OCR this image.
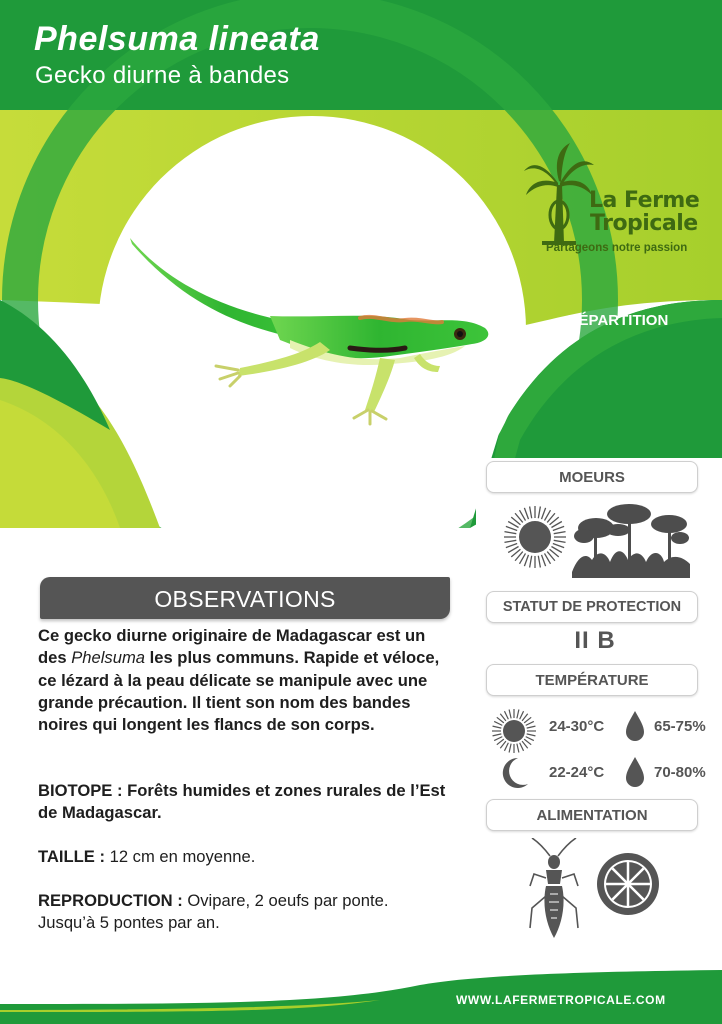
Phelsuma lineata
Gecko diurne à bandes
La Ferme
Tropicale
Partageons notre passion
RÉPARTITION
MOEURS
STATUT DE PROTECTION
II B
TEMPÉRATURE
24-30°C	65-75%
22-24°C	70-80%
ALIMENTATION
OBSERVATIONS
Ce gecko diurne originaire de Madagascar est un des Phelsuma les plus communs. Rapide et véloce, ce lézard à la peau délicate se manipule avec une grande précaution. Il tient son nom des bandes noires qui longent les flancs de son corps.
BIOTOPE : Forêts humides et zones rurales de l’Est de Madagascar.
TAILLE : 12 cm en moyenne.
REPRODUCTION : Ovipare, 2 oeufs par ponte. Jusqu’à 5 pontes par an.
WWW.LAFERMETROPICALE.COM
